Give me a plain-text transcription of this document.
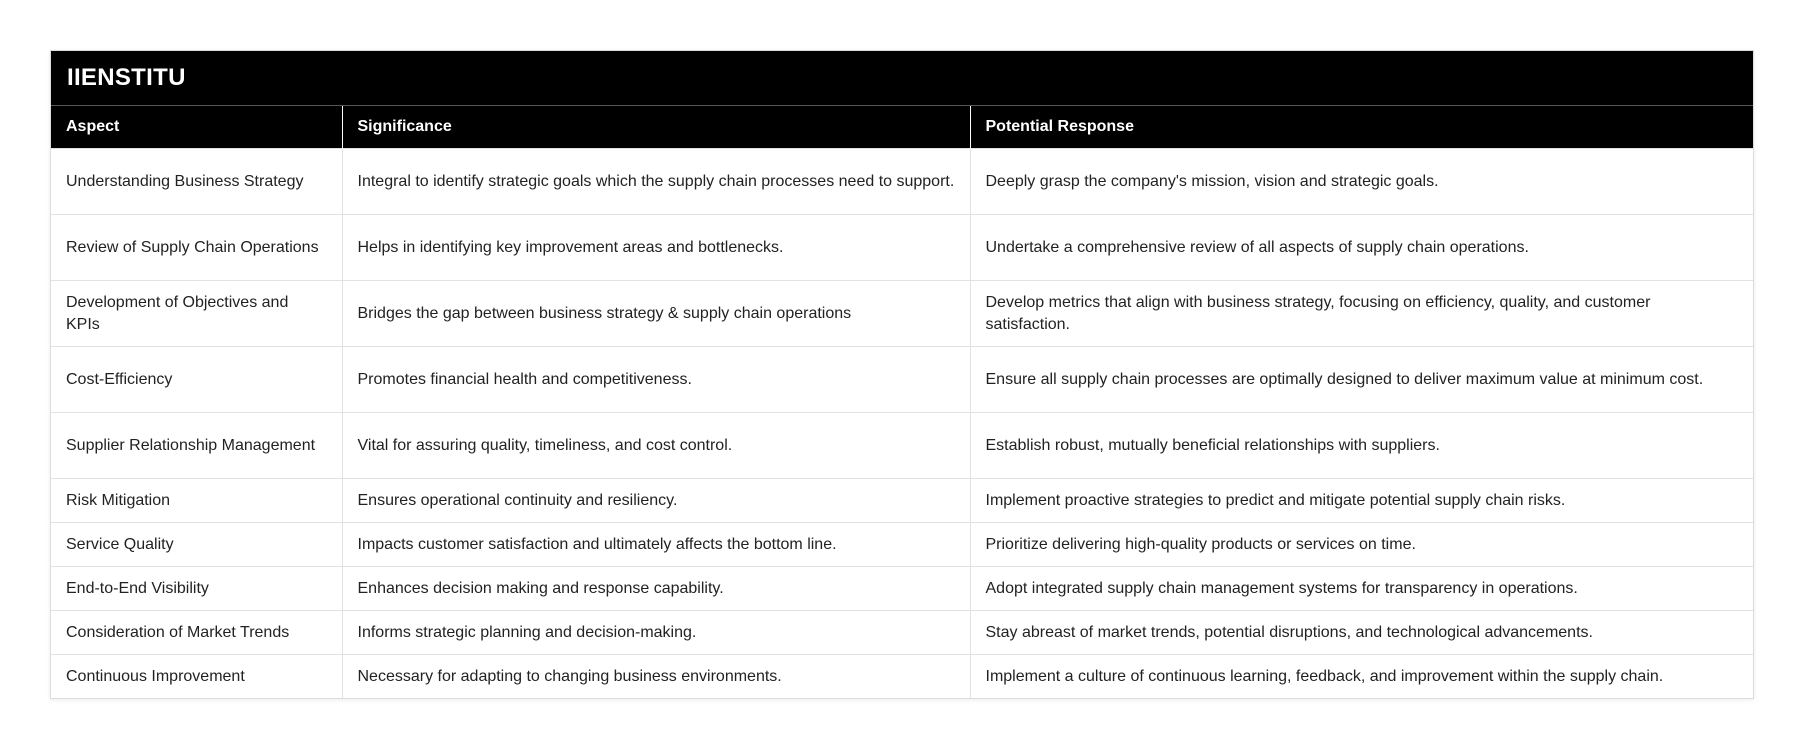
IIENSTITU
Aspect	Significance	Potential Response
Understanding Business Strategy	Integral to identify strategic goals which the supply chain processes need to support.	Deeply grasp the company's mission, vision and strategic goals.
Review of Supply Chain Operations	Helps in identifying key improvement areas and bottlenecks.	Undertake a comprehensive review of all aspects of supply chain operations.
Development of Objectives and KPIs	Bridges the gap between business strategy & supply chain operations	Develop metrics that align with business strategy, focusing on efficiency, quality, and customer satisfaction.
Cost-Efficiency	Promotes financial health and competitiveness.	Ensure all supply chain processes are optimally designed to deliver maximum value at minimum cost.
Supplier Relationship Management	Vital for assuring quality, timeliness, and cost control.	Establish robust, mutually beneficial relationships with suppliers.
Risk Mitigation	Ensures operational continuity and resiliency.	Implement proactive strategies to predict and mitigate potential supply chain risks.
Service Quality	Impacts customer satisfaction and ultimately affects the bottom line.	Prioritize delivering high-quality products or services on time.
End-to-End Visibility	Enhances decision making and response capability.	Adopt integrated supply chain management systems for transparency in operations.
Consideration of Market Trends	Informs strategic planning and decision-making.	Stay abreast of market trends, potential disruptions, and technological advancements.
Continuous Improvement	Necessary for adapting to changing business environments.	Implement a culture of continuous learning, feedback, and improvement within the supply chain.
